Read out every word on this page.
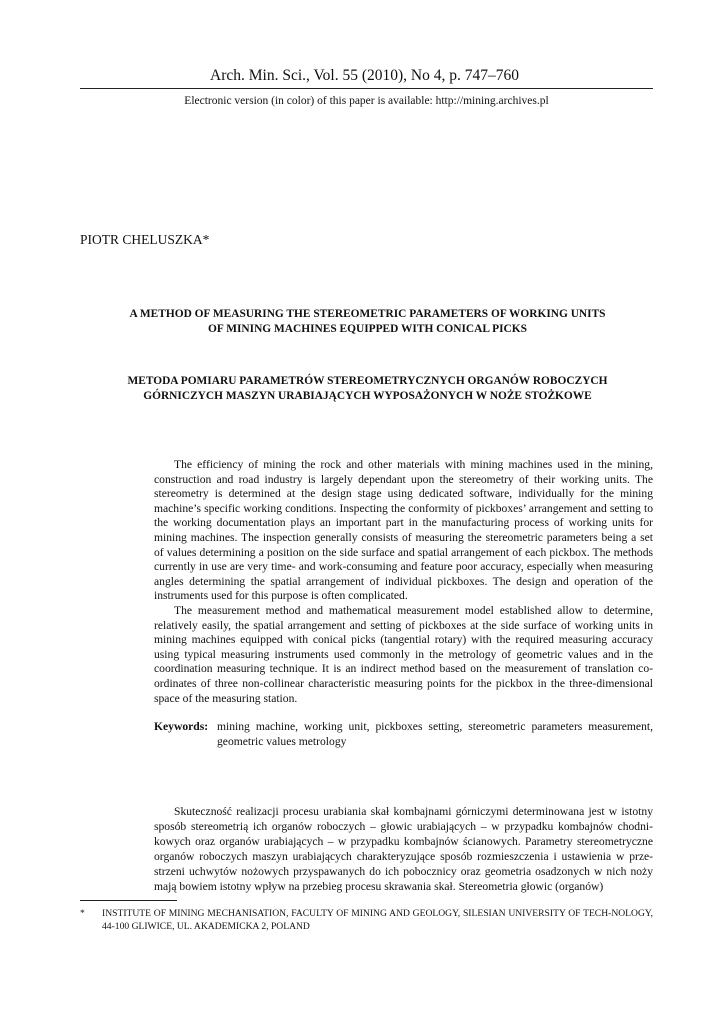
Arch. Min. Sci., Vol. 55 (2010), No 4, p. 747–760
Electronic version (in color) of this paper is available: http://mining.archives.pl
PIOTR CHELUSZKA*
A METHOD OF MEASURING THE STEREOMETRIC PARAMETERS OF WORKING UNITS
OF MINING MACHINES EQUIPPED WITH CONICAL PICKS
METODA POMIARU PARAMETRÓW STEREOMETRYCZNYCH ORGANÓW ROBOCZYCH
GÓRNICZYCH MASZYN URABIAJĄCYCH WYPOSAŻONYCH W NOŻE STOŻKOWE

The efficiency of mining the rock and other materials with mining machines used in the mining, construction and road industry is largely dependant upon the stereometry of their working units. The stereometry is determined at the design stage using dedicated software, individually for the mining machine’s specific working conditions. Inspecting the conformity of pickboxes’ arrangement and setting to the working documentation plays an important part in the manufacturing process of working units for mining machines. The inspection generally consists of measuring the stereometric parameters being a set of values determining a position on the side surface and spatial arrangement of each pickbox. The methods currently in use are very time- and work-consuming and feature poor accuracy, especially when measuring angles determining the spatial arrangement of individual pickboxes. The design and operation of the instruments used for this purpose is often complicated.

The measurement method and mathematical measurement model established allow to determine, relatively easily, the spatial arrangement and setting of pickboxes at the side surface of working units in mining machines equipped with conical picks (tangential rotary) with the required measuring accuracy using typical measuring instruments used commonly in the metrology of geometric values and in the coordination measuring technique. It is an indirect method based on the measurement of translation co-ordinates of three non-collinear characteristic measuring points for the pickbox in the three-dimensional space of the measuring station.

Keywords: mining machine, working unit, pickboxes setting, stereometric parameters measurement, geometric values metrology

Skuteczność realizacji procesu urabiania skał kombajnami górniczymi determinowana jest w istotny sposób stereometrią ich organów roboczych – głowic urabiających – w przypadku kombajnów chodni-kowych oraz organów urabiających – w przypadku kombajnów ścianowych. Parametry stereometryczne organów roboczych maszyn urabiających charakteryzujące sposób rozmieszczenia i ustawienia w prze-strzeni uchwytów nożowych przyspawanych do ich pobocznicy oraz geometria osadzonych w nich noży mają bowiem istotny wpływ na przebieg procesu skrawania skał. Stereometria głowic (organów)

*	INSTITUTE OF MINING MECHANISATION, FACULTY OF MINING AND GEOLOGY, SILESIAN UNIVERSITY OF TECH-NOLOGY, 44-100 GLIWICE, UL. AKADEMICKA 2, POLAND
